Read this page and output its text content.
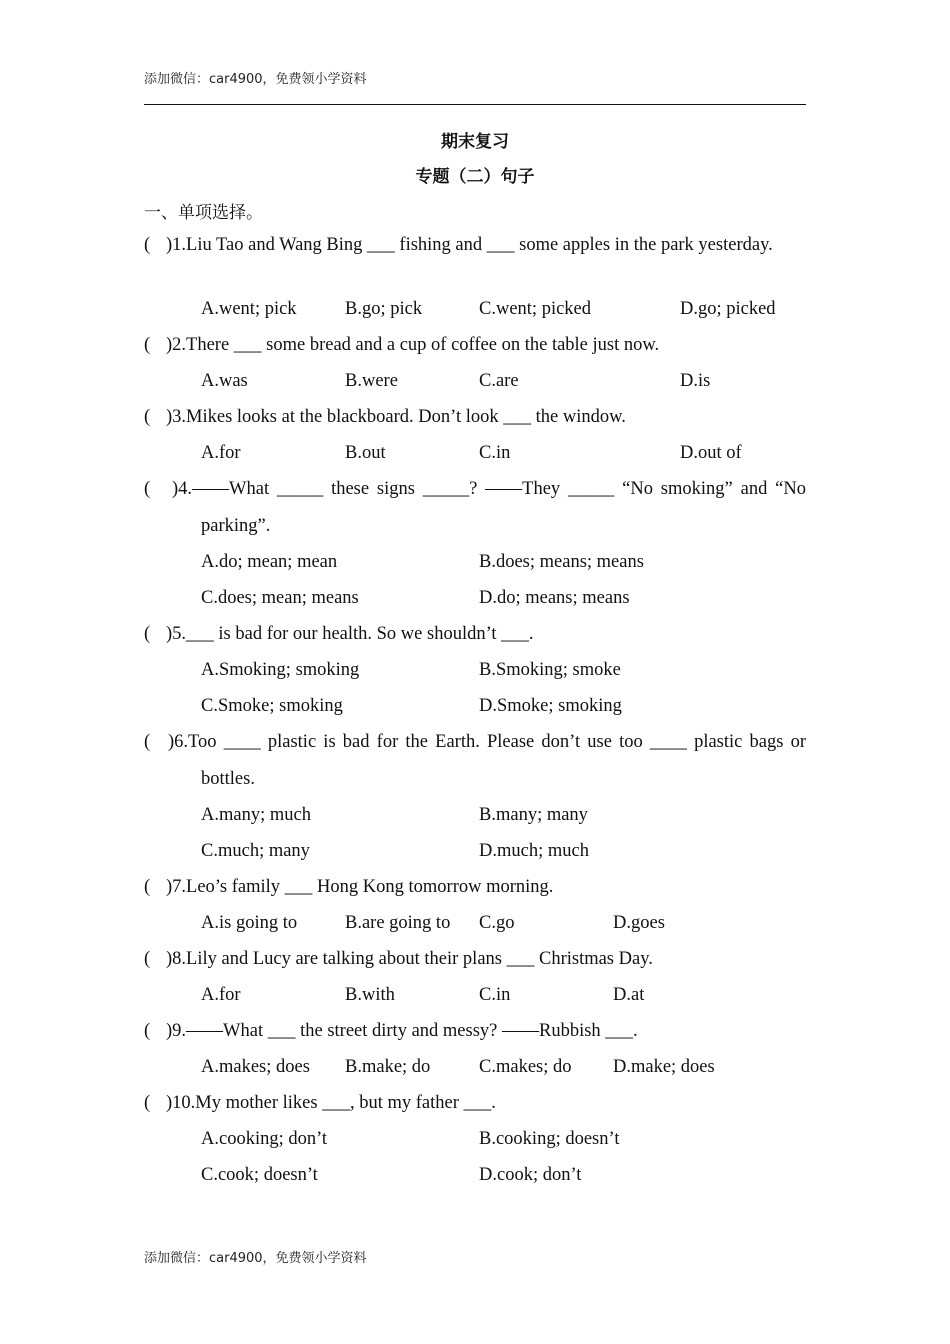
添加微信：car4900，免费领小学资料
期末复习
专题（二）句子
一、单项选择。
( )1.Liu Tao and Wang Bing ___ fishing and ___ some apples in the park yesterday.
A.went; pick	B.go; pick	C.went; picked	D.go; picked
( )2.There ___ some bread and a cup of coffee on the table just now.
A.was	B.were	C.are	D.is
( )3.Mikes looks at the blackboard. Don’t look ___ the window.
A.for	B.out	C.in	D.out of
( )4.——What _____ these signs _____? ——They _____ “No smoking” and “No
parking”.
A.do; mean; mean	B.does; means; means
C.does; mean; means	D.do; means; means
( )5.___ is bad for our health. So we shouldn’t ___.
A.Smoking; smoking	B.Smoking; smoke
C.Smoke; smoking	D.Smoke; smoking
( )6.Too ____ plastic is bad for the Earth. Please don’t use too ____ plastic bags or
bottles.
A.many; much	B.many; many
C.much; many	D.much; much
( )7.Leo’s family ___ Hong Kong tomorrow morning.
A.is going to	B.are going to C.go	D.goes
( )8.Lily and Lucy are talking about their plans ___ Christmas Day.
A.for	B.with	C.in	D.at
( )9.——What ___ the street dirty and messy? ——Rubbish ___.
A.makes; does B.make; do	C.makes; do D.make; does
( )10.My mother likes ___, but my father ___.
A.cooking; don’t	B.cooking; doesn’t
C.cook; doesn’t	D.cook; don’t
添加微信：car4900，免费领小学资料
